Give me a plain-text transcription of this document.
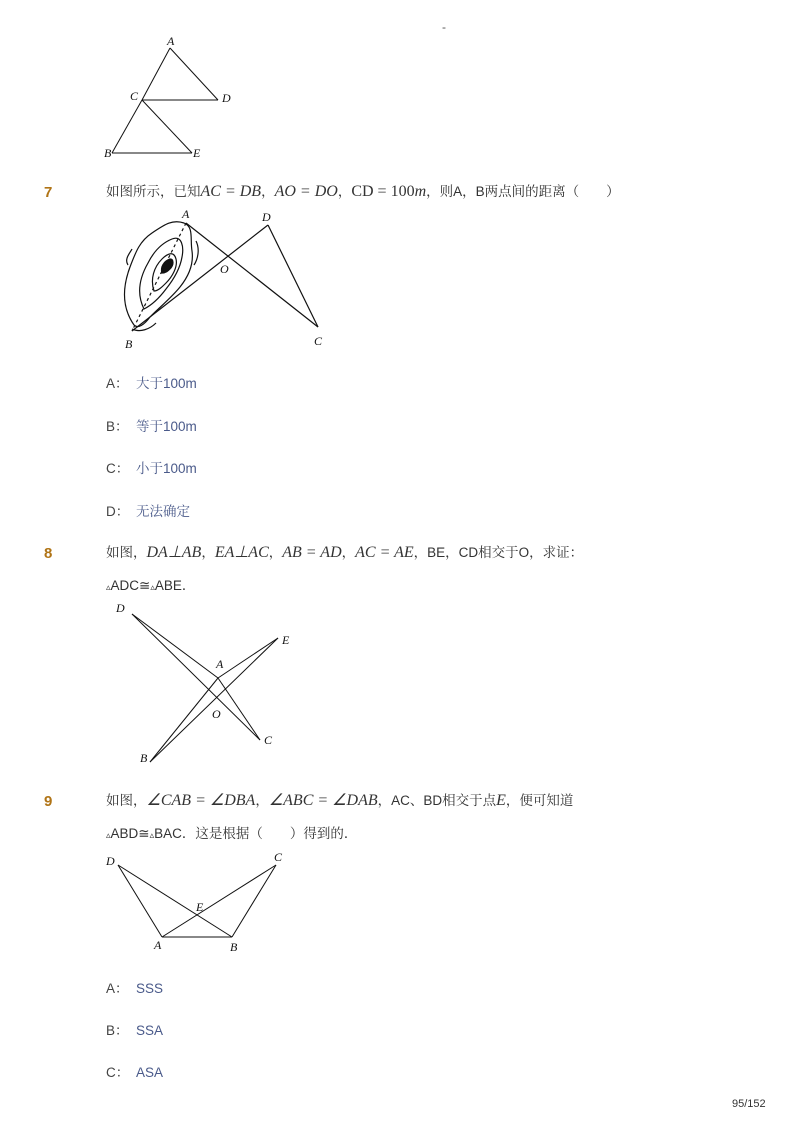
-
A
C	D
B	E
7	如图所示，已知AC = DB，AO = DO，CD = 100m，则A，B两点间的距离（　　）
A	D
O
B	C
A： 大于100m
B： 等于100m
C： 小于100m
D： 无法确定
8	如图，DA⊥AB，EA⊥AC，AB = AD，AC = AE，BE，CD相交于O，求证：
▵ADC≅▵ABE．
D
E
A
O
B
C
9	如图，∠CAB = ∠DBA，∠ABC = ∠DAB，AC、BD相交于点E，便可知道
▵ABD≅▵BAC．这是根据（　　）得到的．
D	C
E
A	B
A： SSS
B： SSA
C： ASA
95/152
